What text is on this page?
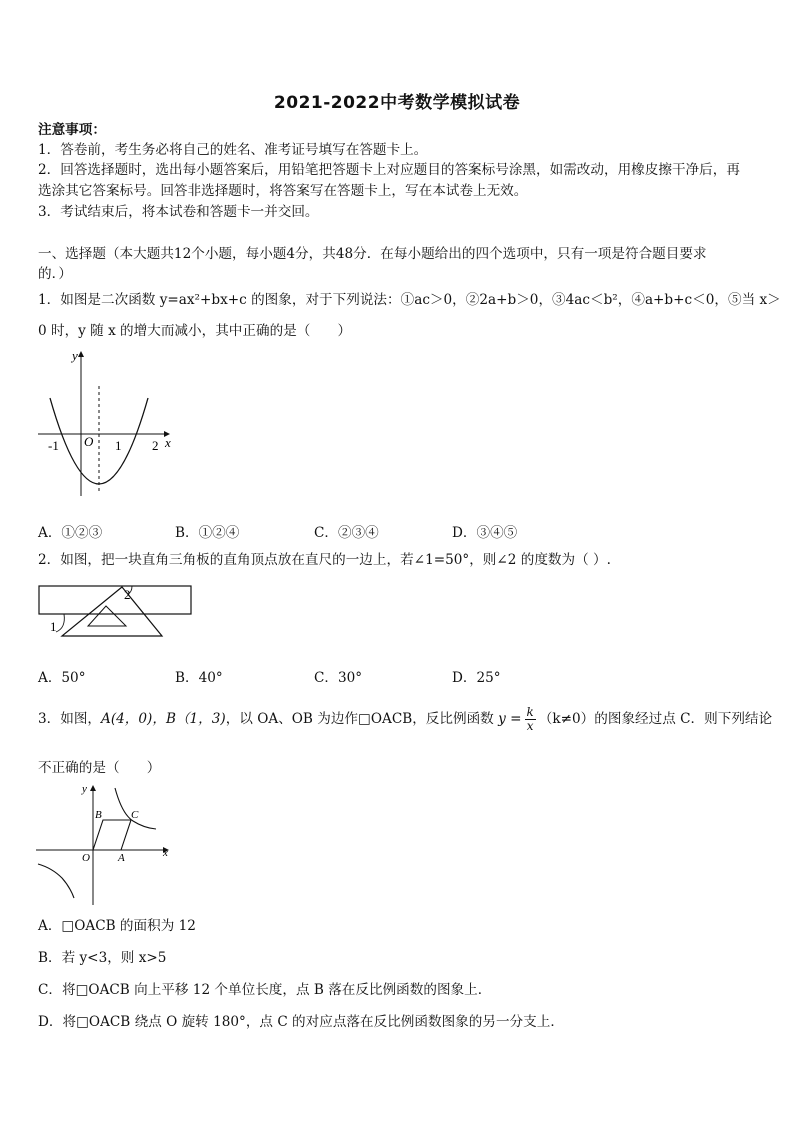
2021-2022中考数学模拟试卷
注意事项：
1．答卷前，考生务必将自己的姓名、准考证号填写在答题卡上。
2．回答选择题时，选出每小题答案后，用铅笔把答题卡上对应题目的答案标号涂黑，如需改动，用橡皮擦干净后，再
选涂其它答案标号。回答非选择题时，将答案写在答题卡上，写在本试卷上无效。
3．考试结束后，将本试卷和答题卡一并交回。
一、选择题（本大题共12个小题，每小题4分，共48分．在每小题给出的四个选项中，只有一项是符合题目要求
的．）
1．如图是二次函数 y=ax²+bx+c 的图象，对于下列说法：①ac＞0，②2a+b＞0，③4ac＜b²，④a+b+c＜0，⑤当 x＞
0 时，y 随 x 的增大而减小，其中正确的是（　　）
y
x
O
-1	1 2
A．①②③	B．①②④	C．②③④	D．③④⑤
2．如图，把一块直角三角板的直角顶点放在直尺的一边上，若∠1=50°，则∠2 的度数为（ ）.
1
2
A．50°	B．40°	C．30°	D．25°
3．如图，A(4，0)，B（1，3)，以 OA、OB 为边作□OACB，反比例函数 $y = \frac{k}{x} (k\ne 0)$的图象经过点 C．则下列结论
不正确的是（　　）
y
x
O	A
B	C
A．□OACB 的面积为 12
B．若 y<3，则 x>5
C．将□OACB 向上平移 12 个单位长度，点 B 落在反比例函数的图象上．
D．将□OACB 绕点 O 旋转 180°，点 C 的对应点落在反比例函数图象的另一分支上．
